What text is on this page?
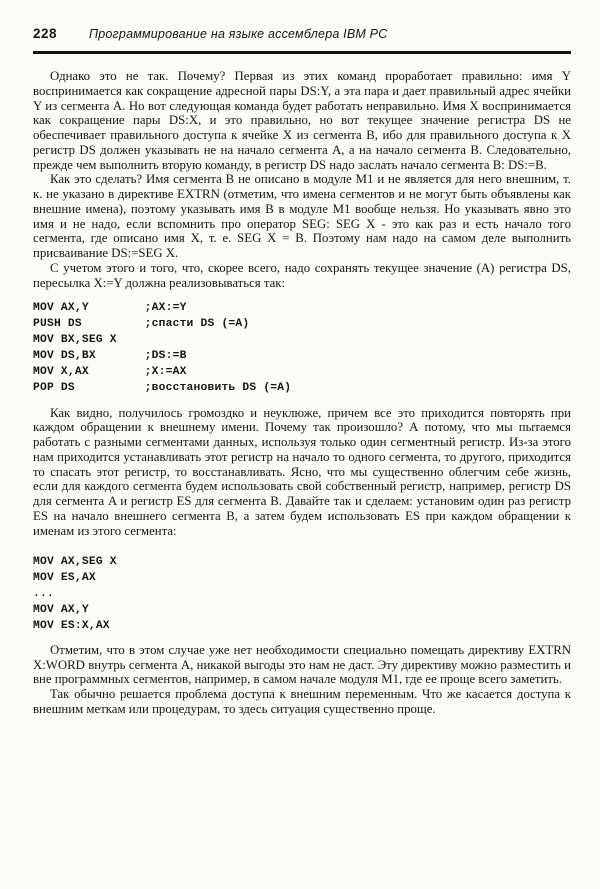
228	Программирование на языке ассемблера IBM PC

Однако это не так. Почему? Первая из этих команд проработает правильно: имя Y воспринимается как сокращение адресной пары DS:Y, а эта пара и дает правильный адрес ячейки Y из сегмента A. Но вот следующая команда будет работать неправильно. Имя X воспринимается как сокращение пары DS:X, и это правильно, но вот текущее значение регистра DS не обеспечивает правильного доступа к ячейке X из сегмента B, ибо для правильного доступа к X регистр DS должен указывать не на начало сегмента A, а на начало сегмента B. Следовательно, прежде чем выполнить вторую команду, в регистр DS надо заслать начало сегмента B: DS:=B.

Как это сделать? Имя сегмента B не описано в модуле M1 и не является для него внешним, т. к. не указано в директиве EXTRN (отметим, что имена сегментов и не могут быть объявлены как внешние имена), поэтому указывать имя B в модуле M1 вообще нельзя. Но указывать явно это имя и не надо, если вспомнить про оператор SEG: SEG X - это как раз и есть начало того сегмента, где описано имя X, т. е. SEG X = B. Поэтому нам надо на самом деле выполнить присваивание DS:=SEG X.

С учетом этого и того, что, скорее всего, надо сохранять текущее значение (A) регистра DS, пересылка X:=Y должна реализовываться так:

MOV AX,Y        ;AX:=Y
PUSH DS         ;спасти DS (=A)
MOV BX,SEG X
MOV DS,BX       ;DS:=B
MOV X,AX        ;X:=AX
POP DS          ;восстановить DS (=A)

Как видно, получилось громоздко и неуклюже, причем все это приходится повторять при каждом обращении к внешнему имени. Почему так произошло? А потому, что мы пытаемся работать с разными сегментами данных, используя только один сегментный регистр. Из-за этого нам приходится устанавливать этот регистр на начало то одного сегмента, то другого, приходится то спасать этот регистр, то восстанавливать. Ясно, что мы существенно облегчим себе жизнь, если для каждого сегмента будем использовать свой собственный регистр, например, регистр DS для сегмента A и регистр ES для сегмента B. Давайте так и сделаем: установим один раз регистр ES на начало внешнего сегмента B, а затем будем использовать ES при каждом обращении к именам из этого сегмента:

MOV AX,SEG X
MOV ES,AX
...
MOV AX,Y
MOV ES:X,AX

Отметим, что в этом случае уже нет необходимости специально помещать директиву EXTRN X:WORD внутрь сегмента A, никакой выгоды это нам не даст. Эту директиву можно разместить и вне программных сегментов, например, в самом начале модуля M1, где ее проще всего заметить.

Так обычно решается проблема доступа к внешним переменным. Что же касается доступа к внешним меткам или процедурам, то здесь ситуация существенно проще.
